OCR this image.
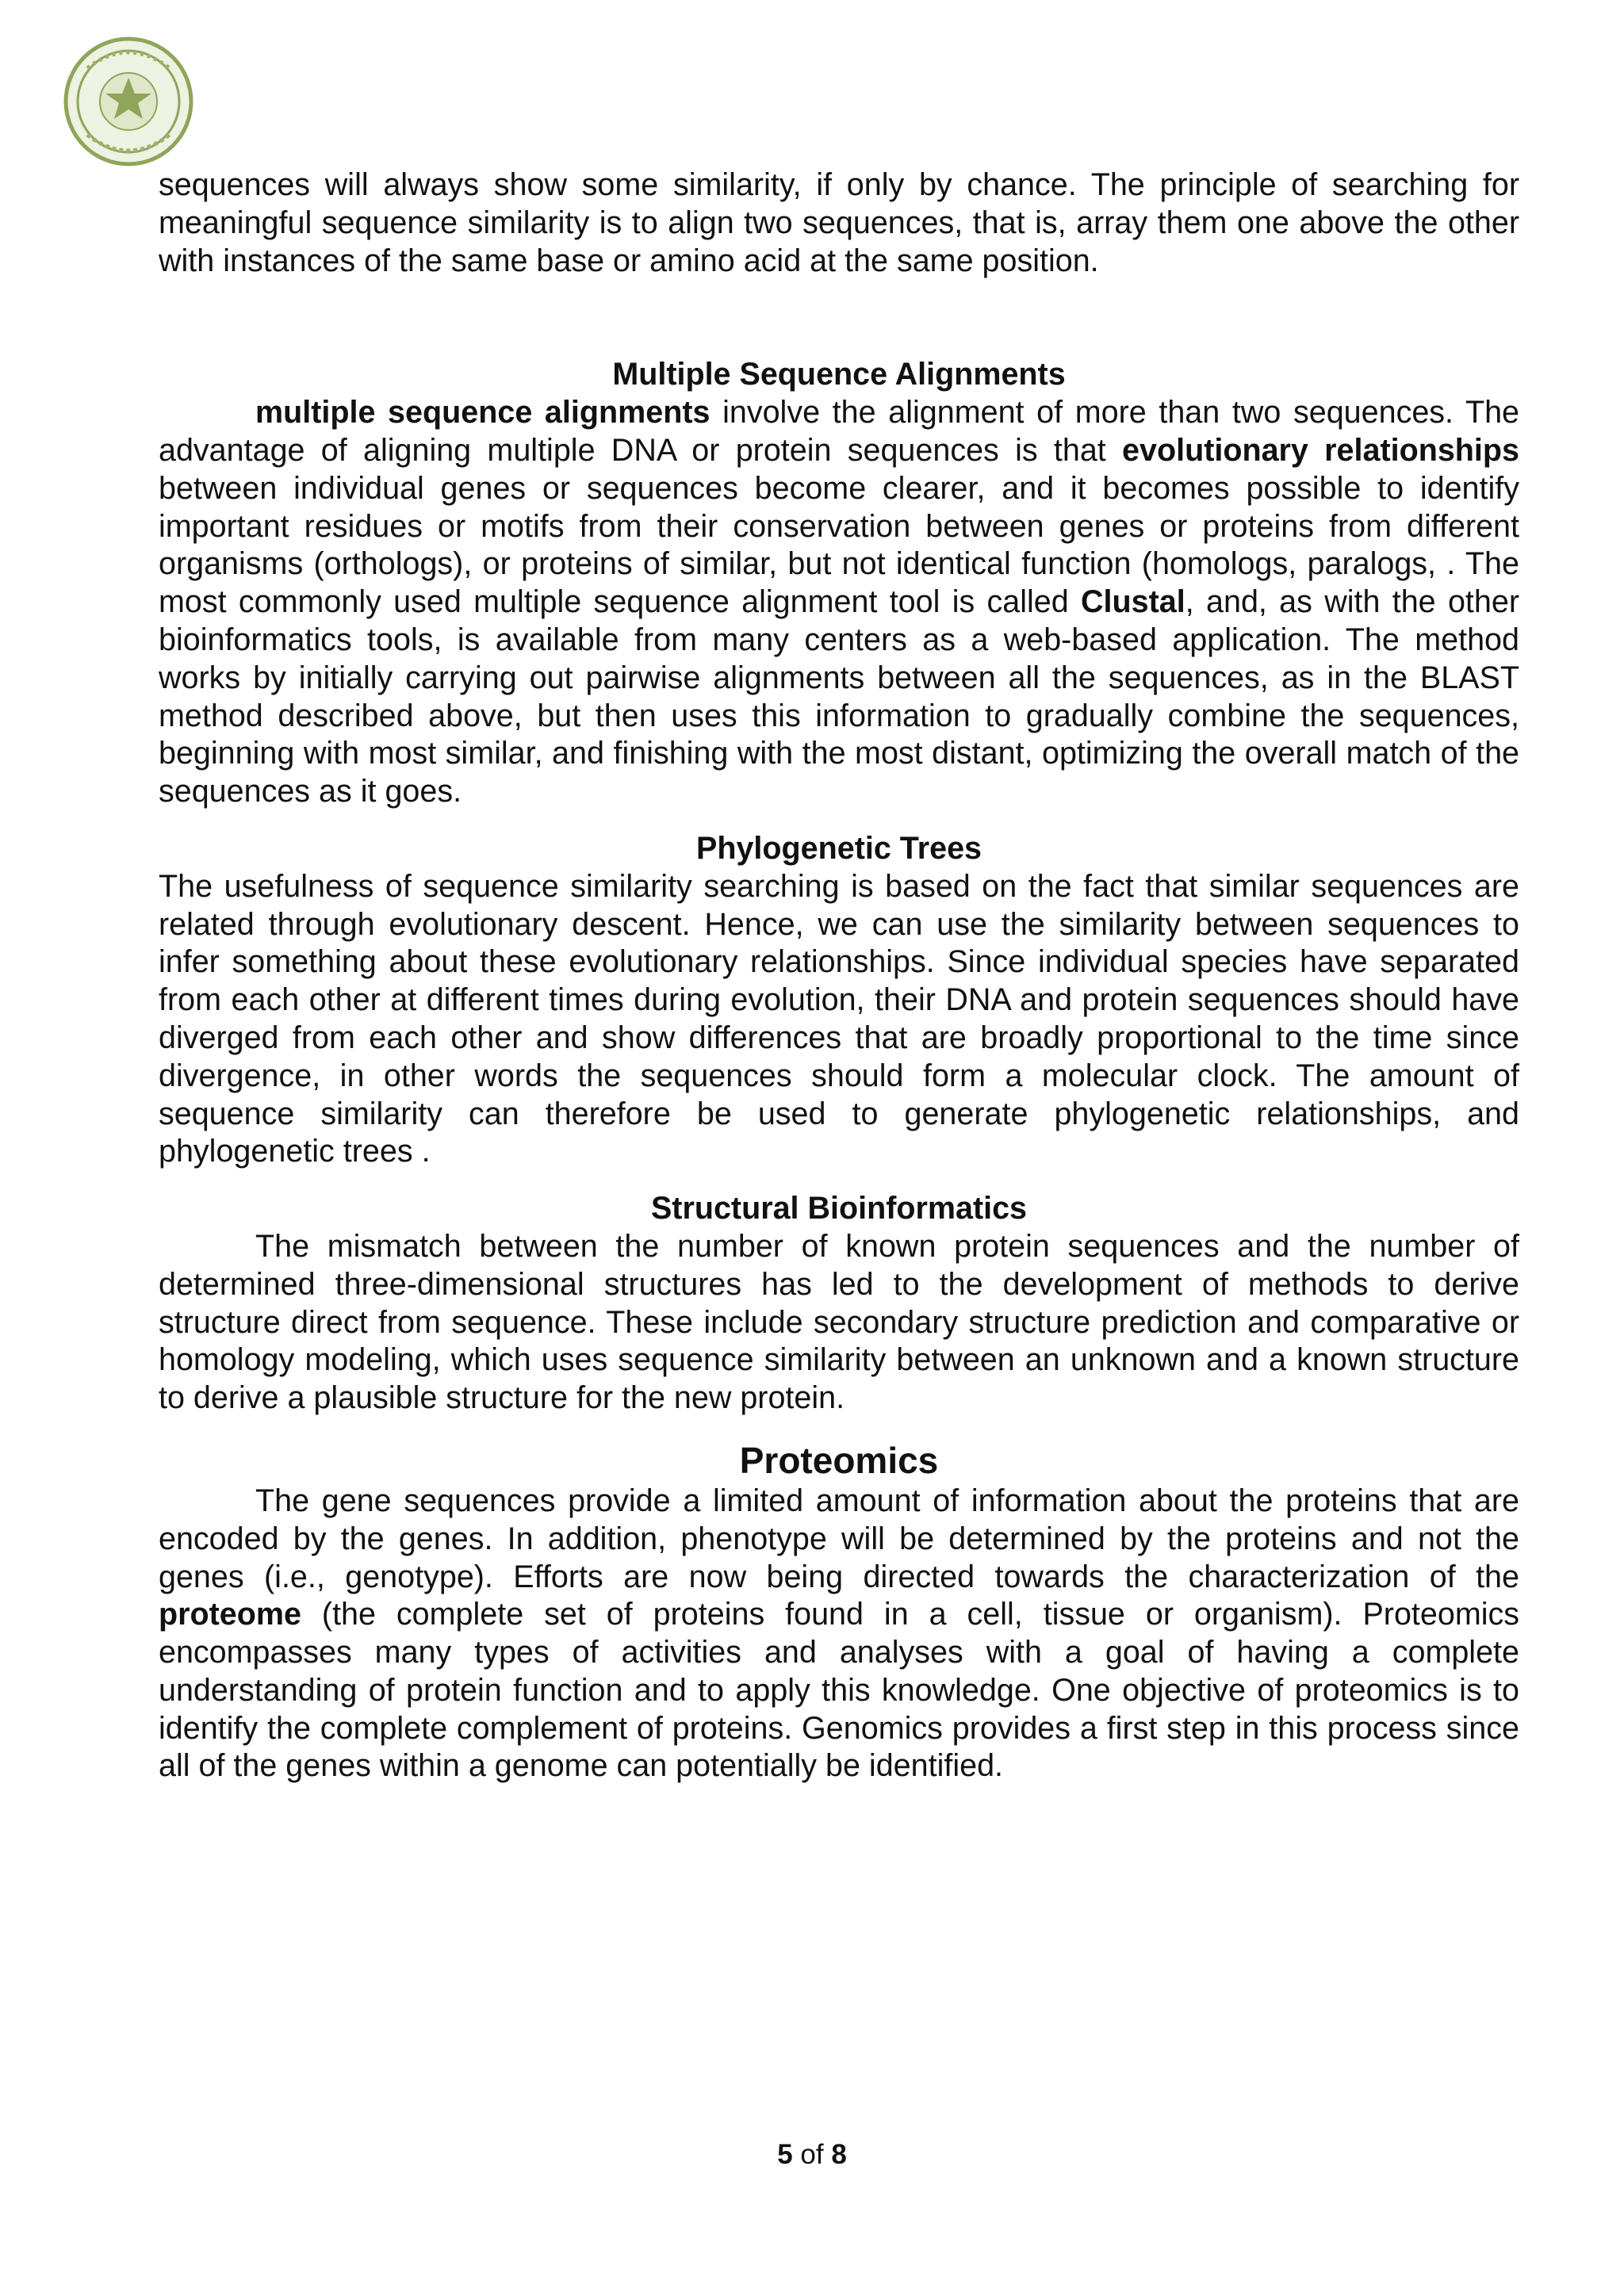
sequences will always show some similarity, if only by chance. The principle of searching for meaningful sequence similarity is to align two sequences, that is, array them one above the other with instances of the same base or amino acid at the same position.

Multiple Sequence Alignments

multiple sequence alignments involve the alignment of more than two sequences. The advantage of aligning multiple DNA or protein sequences is that evolutionary relationships between individual genes or sequences become clearer, and it becomes possible to identify important residues or motifs from their conservation between genes or proteins from different organisms (orthologs), or proteins of similar, but not identical function (homologs, paralogs, . The most commonly used multiple sequence alignment tool is called Clustal, and, as with the other bioinformatics tools, is available from many centers as a web-based application. The method works by initially carrying out pairwise alignments between all the sequences, as in the BLAST method described above, but then uses this information to gradually combine the sequences, beginning with most similar, and finishing with the most distant, optimizing the overall match of the sequences as it goes.

Phylogenetic Trees

The usefulness of sequence similarity searching is based on the fact that similar sequences are related through evolutionary descent. Hence, we can use the similarity between sequences to infer something about these evolutionary relationships. Since individual species have separated from each other at different times during evolution, their DNA and protein sequences should have diverged from each other and show differences that are broadly proportional to the time since divergence, in other words the sequences should form a molecular clock. The amount of sequence similarity can therefore be used to generate phylogenetic relationships, and phylogenetic trees .

Structural Bioinformatics

The mismatch between the number of known protein sequences and the number of determined three-dimensional structures has led to the development of methods to derive structure direct from sequence. These include secondary structure prediction and comparative or homology modeling, which uses sequence similarity between an unknown and a known structure to derive a plausible structure for the new protein.

Proteomics

The gene sequences provide a limited amount of information about the proteins that are encoded by the genes. In addition, phenotype will be determined by the proteins and not the genes (i.e., genotype). Efforts are now being directed towards the characterization of the proteome (the complete set of proteins found in a cell, tissue or organism). Proteomics encompasses many types of activities and analyses with a goal of having a complete understanding of protein function and to apply this knowledge. One objective of proteomics is to identify the complete complement of proteins. Genomics provides a first step in this process since all of the genes within a genome can potentially be identified.

5 of 8
